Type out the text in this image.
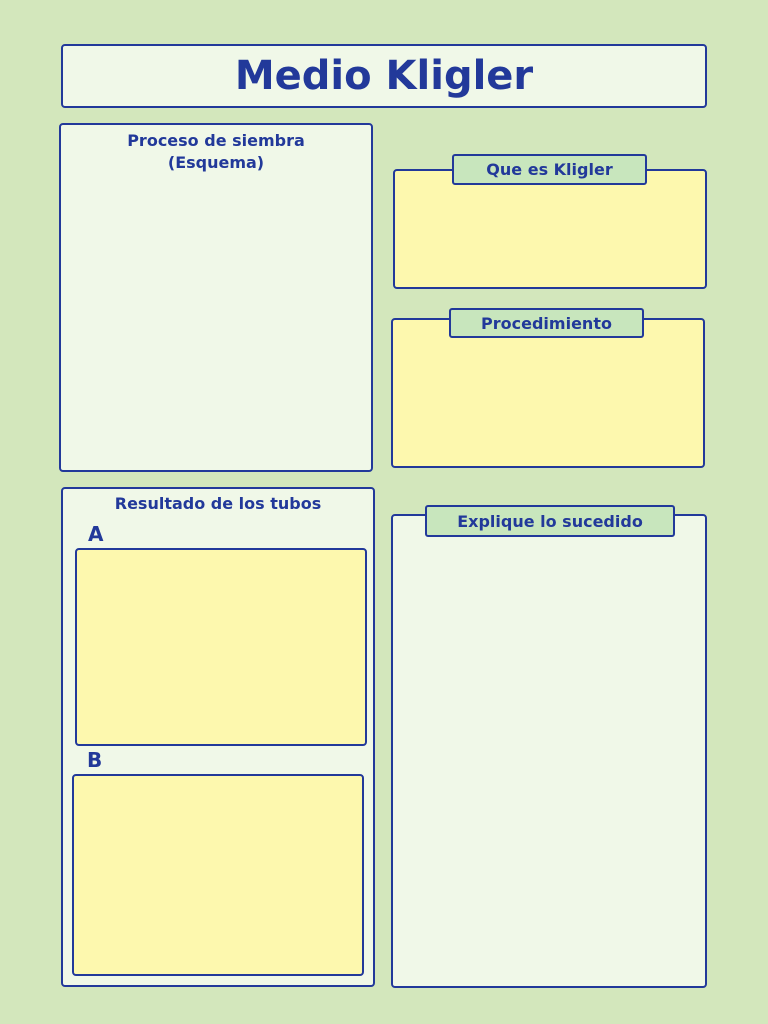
Medio Kligler
Proceso de siembra
(Esquema)	Que es Kligler
Procedimiento
Resultado de los tubos
A
B
Explique lo sucedido
